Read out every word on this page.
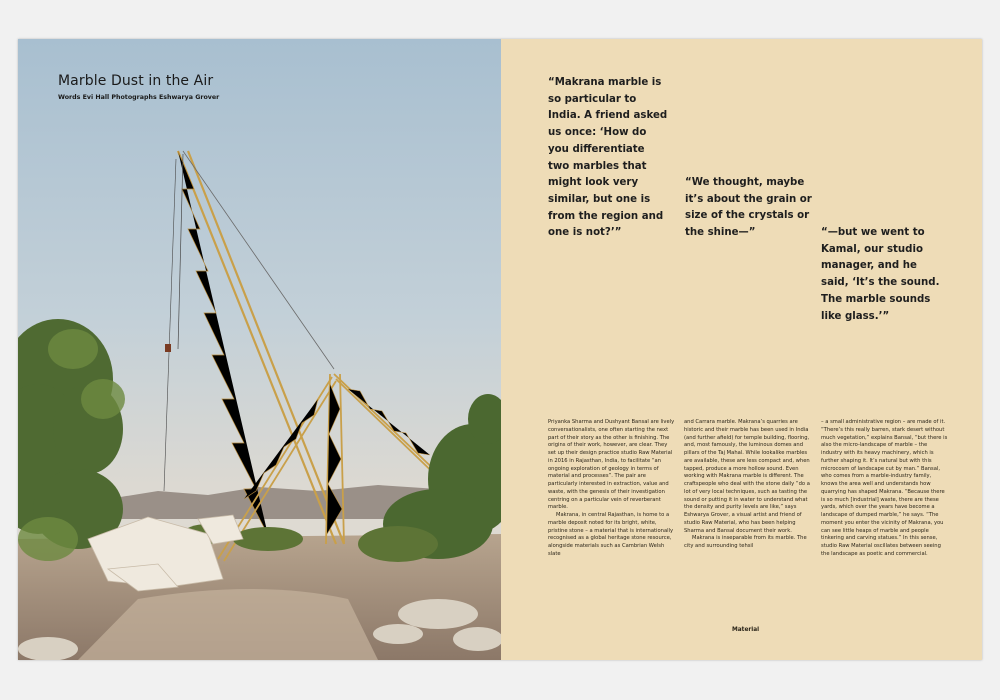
Marble Dust in the Air
Words Evi Hall Photographs Eshwarya Grover

“Makrana marble is so particular to India. A friend asked us once: ‘How do you differentiate two marbles that might look very similar, but one is from the region and one is not?’”

“We thought, maybe it’s about the grain or size of the crystals or the shine—”	“—but we went to Kamal, our studio manager, and he said, ‘It’s the sound. The marble sounds like glass.’”

Priyanka Sharma and Dushyant Bansal are lively conversationalists, one often starting the next part of their story as the other is finishing. The origins of their work, however, are clear. They set up their design practice studio Raw Material in 2016 in Rajasthan, India, to facilitate “an ongoing exploration of geology in terms of material and processes”. The pair are particularly interested in extraction, value and waste, with the genesis of their investigation centring on a particular vein of reverberant marble.

Makrana, in central Rajasthan, is home to a marble deposit noted for its bright, white, pristine stone – a material that is internationally recognised as a global heritage stone resource, alongside materials such as Cambrian Welsh slate

and Carrara marble. Makrana’s quarries are historic and their marble has been used in India (and further afield) for temple building, flooring, and, most famously, the luminous domes and pillars of the Taj Mahal. While lookalike marbles are available, these are less compact and, when tapped, produce a more hollow sound. Even working with Makrana marble is different. The craftspeople who deal with the stone daily “do a lot of very local techniques, such as tasting the sound or putting it in water to understand what the density and purity levels are like,” says Eshwarya Grover, a visual artist and friend of studio Raw Material, who has been helping Sharma and Bansal document their work.

Makrana is inseparable from its marble. The city and surrounding tehsil

– a small administrative region – are made of it. “There’s this really barren, stark desert without much vegetation,” explains Bansal, “but there is also the micro-landscape of marble – the industry with its heavy machinery, which is further shaping it. It’s natural but with this microcosm of landscape cut by man.” Bansal, who comes from a marble-industry family, knows the area well and understands how quarrying has shaped Makrana. “Because there is so much [industrial] waste, there are these yards, which over the years have become a landscape of dumped marble,” he says. “The moment you enter the vicinity of Makrana, you can see little heaps of marble and people tinkering and carving statues.” In this sense, studio Raw Material oscillates between seeing the landscape as poetic and commercial.

Material
